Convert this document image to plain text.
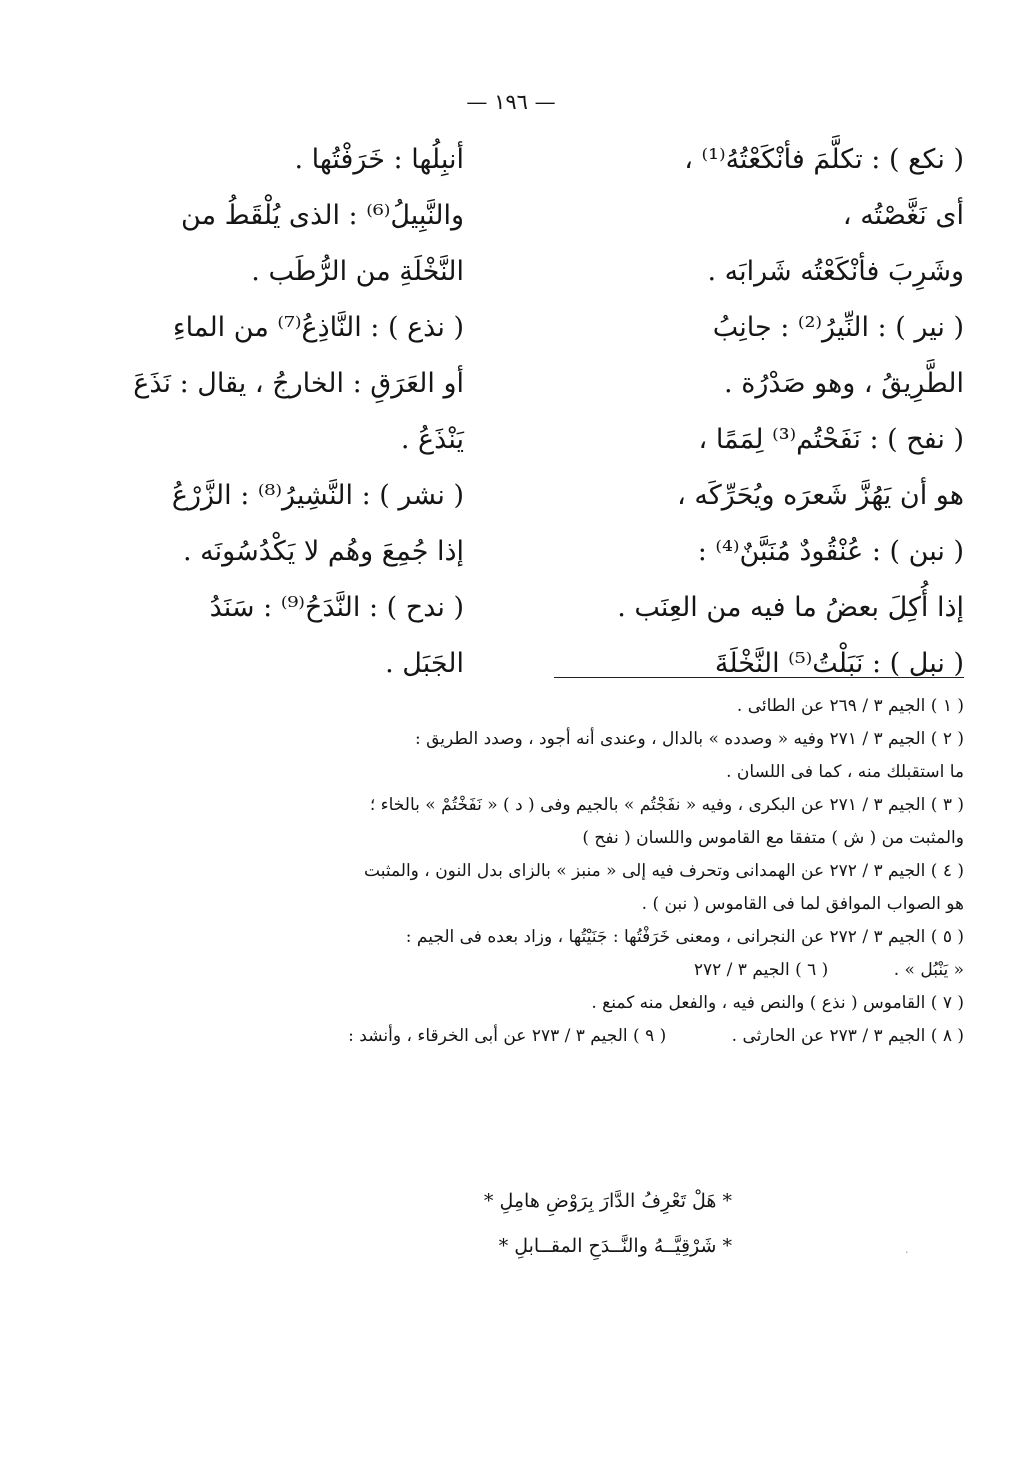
— ١٩٦ —
( نكع ) : تكلَّمَ فأنْكَعْتُهُ⁽¹⁾ ،
أى نَغَّصْتُه ،
وشَرِبَ فأنْكَعْتُه شَرابَه .
( نير ) : النِّيرُ⁽²⁾ : جانِبُ
الطَّرِيقُ ، وهو صَدْرُة .
( نفح ) : نَفَحْتُم⁽³⁾ لِمَمًا ،
هو أن يَهُزَّ شَعرَه ويُحَرِّكَه ،
( نبن ) : عُنْقُودٌ مُنَبَّنٌ⁽⁴⁾ :
إذا أُكِلَ بعضُ ما فيه من العِنَب .
( نبل ) : نَبَلْتُ⁽⁵⁾ النَّخْلَةَ
أنبِلُها : خَرَفْتُها .
والنَّبِيلُ⁽⁶⁾ : الذى يُلْقَطُ من
النَّخْلَةِ من الرُّطَب .
( نذع ) : النَّاذِعُ⁽⁷⁾ من الماءِ
أو العَرَقِ : الخارجُ ، يقال : نَذَعَ
يَنْذَعُ .
( نشر ) : النَّشِيرُ⁽⁸⁾ : الزَّرْعُ
إذا جُمِعَ وهُم لا يَكْدُسُونَه .
( ندح ) : النَّدَحُ⁽⁹⁾ : سَنَدُ
الجَبَل .
( ١ ) الجيم ٣ / ٢٦٩ عن الطائى .
( ٢ ) الجيم ٣ / ٢٧١ وفيه « وصدده » بالدال ، وعندى أنه أجود ، وصدد الطريق :
ما استقبلك منه ، كما فى اللسان .
( ٣ ) الجيم ٣ / ٢٧١ عن البكرى ، وفيه « نفَجْتُم » بالجيم وفى ( د ) « نَفَخْتُمْ » بالخاء ؛
والمثبت من ( ش ) متفقا مع القاموس واللسان ( نفح )
( ٤ ) الجيم ٣ / ٢٧٢ عن الهمدانى وتحرف فيه إلى « منبز » بالزاى بدل النون ، والمثبت
هو الصواب الموافق لما فى القاموس ( نبن ) .
( ٥ ) الجيم ٣ / ٢٧٢ عن النجرانى ، ومعنى خَرَفْتُها : جَنَيْتُها ، وزاد بعده فى الجيم :
« يَنْبُل » . ( ٦ ) الجيم ٣ / ٢٧٢
( ٧ ) القاموس ( نذع ) والنص فيه ، والفعل منه كمنع .
( ٨ ) الجيم ٣ / ٢٧٣ عن الحارثى . ( ٩ ) الجيم ٣ / ٢٧٣ عن أبى الخرقاء ، وأنشد :
* هَلْ تَعْرِفُ الدَّارَ بِرَوْضِ هامِلِ *
* شَرْقِيَّــهُ والنَّــدَحِ المقــابلِ *	·
